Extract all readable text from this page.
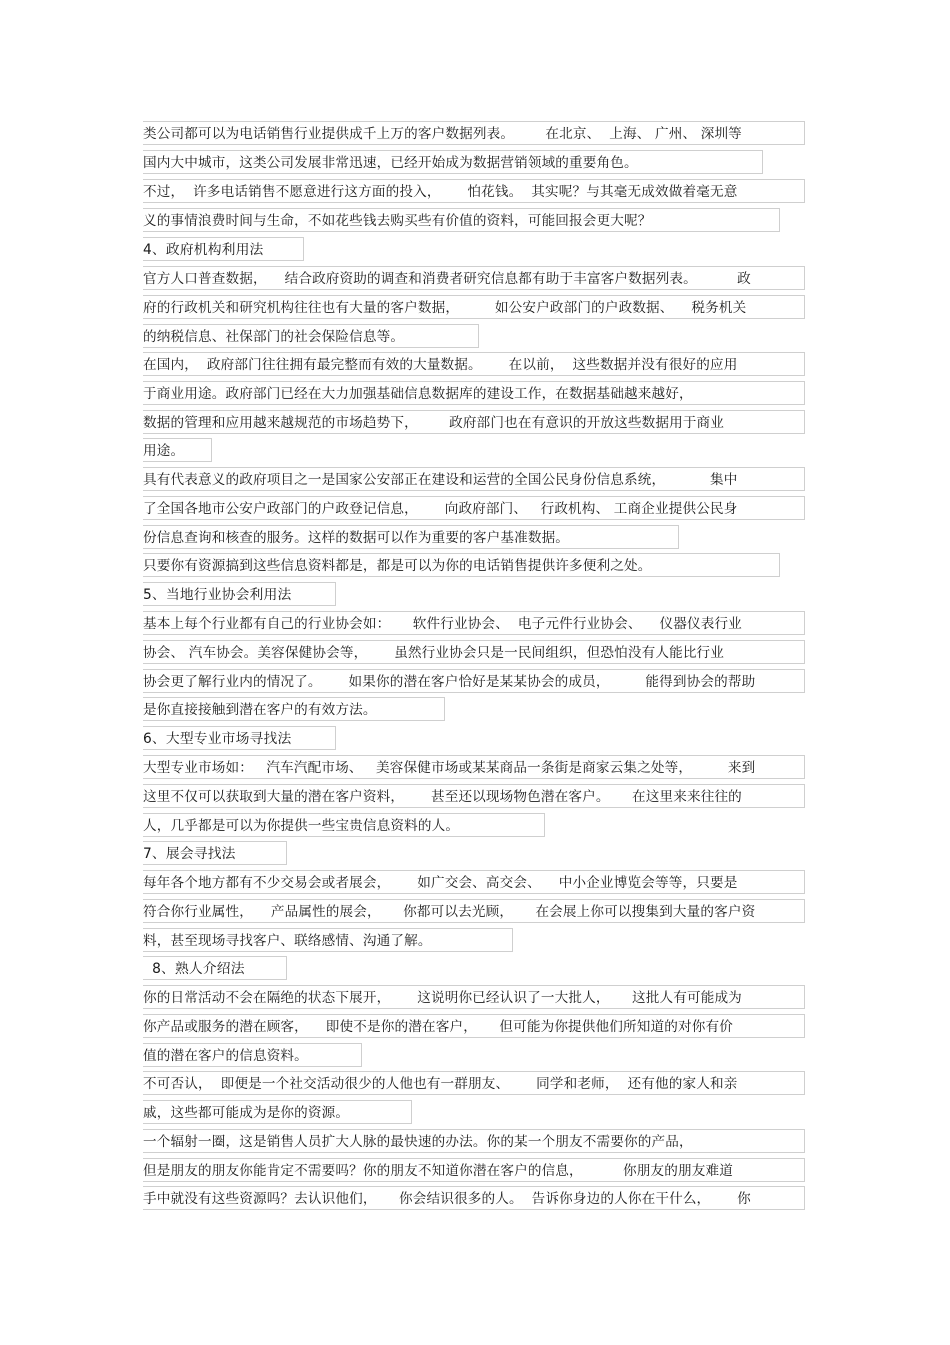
类公司都可以为电话销售行业提供成千上万的客户数据列表。       在北京、  上海、 广州、 深圳等
国内大中城市，这类公司发展非常迅速，已经开始成为数据营销领域的重要角色。
不过，  许多电话销售不愿意进行这方面的投入，      怕花钱。  其实呢？与其毫无成效做着毫无意
义的事情浪费时间与生命，不如花些钱去购买些有价值的资料，可能回报会更大呢？
4、政府机构利用法
官方人口普查数据，    结合政府资助的调查和消费者研究信息都有助于丰富客户数据列表。         政
府的行政机关和研究机构往往也有大量的客户数据，        如公安户政部门的户政数据、    税务机关
的纳税信息、社保部门的社会保险信息等。
在国内，  政府部门往往拥有最完整而有效的大量数据。      在以前，  这些数据并没有很好的应用
于商业用途。政府部门已经在大力加强基础信息数据库的建设工作，在数据基础越来越好，
数据的管理和应用越来越规范的市场趋势下，       政府部门也在有意识的开放这些数据用于商业
用途。
具有代表意义的政府项目之一是国家公安部正在建设和运营的全国公民身份信息系统，          集中
了全国各地市公安户政部门的户政登记信息，      向政府部门、   行政机构、 工商企业提供公民身
份信息查询和核查的服务。这样的数据可以作为重要的客户基准数据。
只要你有资源搞到这些信息资料都是，都是可以为你的电话销售提供许多便利之处。
5、当地行业协会利用法
基本上每个行业都有自己的行业协会如：     软件行业协会、  电子元件行业协会、    仪器仪表行业
协会、 汽车协会。美容保健协会等，      虽然行业协会只是一民间组织，但恐怕没有人能比行业
协会更了解行业内的情况了。      如果你的潜在客户恰好是某某协会的成员，        能得到协会的帮助
是你直接接触到潜在客户的有效方法。
6、大型专业市场寻找法
大型专业市场如：   汽车汽配市场、   美容保健市场或某某商品一条街是商家云集之处等，        来到
这里不仅可以获取到大量的潜在客户资料，      甚至还以现场物色潜在客户。     在这里来来往往的
人，几乎都是可以为你提供一些宝贵信息资料的人。
7、展会寻找法
每年各个地方都有不少交易会或者展会，      如广交会、高交会、    中小企业博览会等等，只要是
符合你行业属性，    产品属性的展会，     你都可以去光顾，     在会展上你可以搜集到大量的客户资
料，甚至现场寻找客户、联络感情、沟通了解。
8、熟人介绍法
你的日常活动不会在隔绝的状态下展开，      这说明你已经认识了一大批人，     这批人有可能成为
你产品或服务的潜在顾客，    即使不是你的潜在客户，     但可能为你提供他们所知道的对你有价
值的潜在客户的信息资料。
不可否认，  即便是一个社交活动很少的人他也有一群朋友、      同学和老师，  还有他的家人和亲
戚，这些都可能成为是你的资源。
一个辐射一圈，这是销售人员扩大人脉的最快速的办法。你的某一个朋友不需要你的产品，
但是朋友的朋友你能肯定不需要吗？你的朋友不知道你潜在客户的信息，         你朋友的朋友难道
手中就没有这些资源吗？去认识他们，     你会结识很多的人。  告诉你身边的人你在干什么，      你
